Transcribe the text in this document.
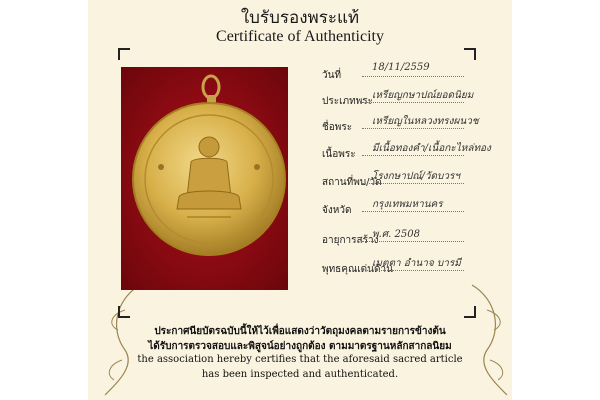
ใบรับรองพระแท้
Certificate of Authenticity
วันที่
18/11/2559
ประเภทพระ
เหรียญกษาปณ์ยอดนิยม
ชื่อพระ
เหรียญในหลวงทรงผนวช
เนื้อพระ
มีเนื้อทองคำ/เนื้อกะไหล่ทอง
สถานที่พบ/วัด
โรงกษาปณ์/วัดบวรฯ
จังหวัด
กรุงเทพมหานคร
อายุการสร้าง
พ.ศ. 2508
พุทธคุณเด่นด้าน
เมตตา อำนาจ บารมี
ประกาศนียบัตรฉบับนี้ให้ไว้เพื่อแสดงว่าวัตถุมงคลตามรายการข้างต้น
ได้รับการตรวจสอบและพิสูจน์อย่างถูกต้อง ตามมาตรฐานหลักสากลนิยม
the association hereby certifies that the aforesaid sacred article
has been inspected and authenticated.
